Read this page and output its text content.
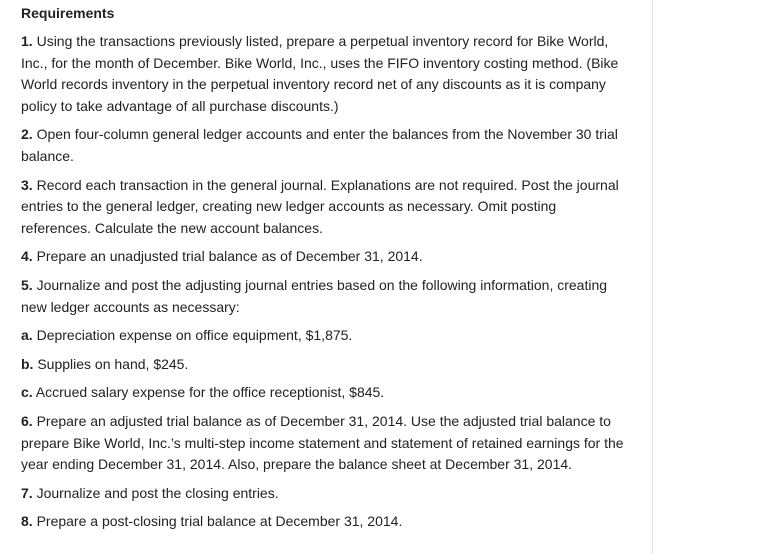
Requirements

1. Using the transactions previously listed, prepare a perpetual inventory record for Bike World, Inc., for the month of December. Bike World, Inc., uses the FIFO inventory costing method. (Bike World records inventory in the perpetual inventory record net of any discounts as it is company policy to take advantage of all purchase discounts.)

2. Open four-column general ledger accounts and enter the balances from the November 30 trial balance.

3. Record each transaction in the general journal. Explanations are not required. Post the journal entries to the general ledger, creating new ledger accounts as necessary. Omit posting references. Calculate the new account balances.

4. Prepare an unadjusted trial balance as of December 31, 2014.

5. Journalize and post the adjusting journal entries based on the following information, creating new ledger accounts as necessary:

a. Depreciation expense on office equipment, $1,875.

b. Supplies on hand, $245.

c. Accrued salary expense for the office receptionist, $845.

6. Prepare an adjusted trial balance as of December 31, 2014. Use the adjusted trial balance to prepare Bike World, Inc.’s multi-step income statement and statement of retained earnings for the year ending December 31, 2014. Also, prepare the balance sheet at December 31, 2014.

7. Journalize and post the closing entries.

8. Prepare a post-closing trial balance at December 31, 2014.
